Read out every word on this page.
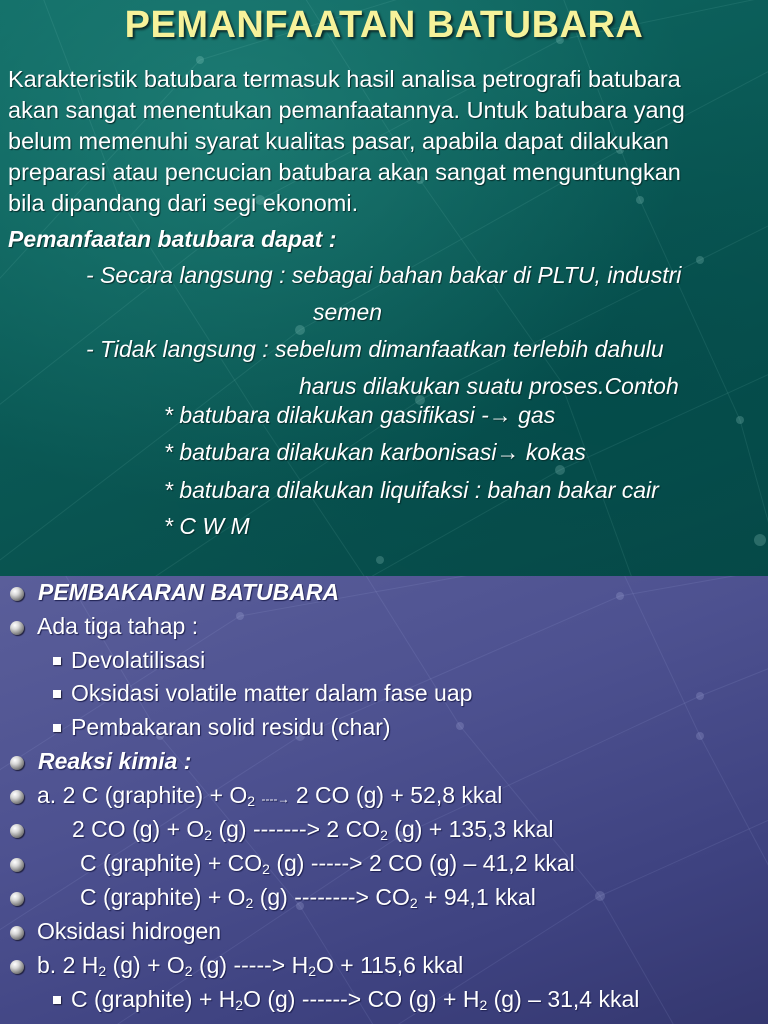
PEMANFAATAN BATUBARA
Karakteristik batubara termasuk hasil analisa petrografi batubara
akan sangat menentukan pemanfaatannya. Untuk batubara yang
belum memenuhi syarat kualitas pasar, apabila dapat dilakukan
preparasi atau pencucian batubara akan sangat menguntungkan
bila dipandang dari segi ekonomi.
Pemanfaatan batubara dapat :
- Secara langsung : sebagai bahan bakar di PLTU, industri
semen
- Tidak langsung : sebelum dimanfaatkan terlebih dahulu
harus dilakukan suatu proses.Contoh
* batubara dilakukan gasifikasi -→ gas
* batubara dilakukan karbonisasi→ kokas
* batubara dilakukan liquifaksi : bahan bakar cair
* C W M
PEMBAKARAN BATUBARA
Ada tiga tahap :
Devolatilisasi
Oksidasi volatile matter dalam fase uap
Pembakaran solid residu (char)
Reaksi kimia :
a. 2 C (graphite) + $O_2$ ----→ 2 CO (g) + 52,8 kkal
2 CO $(g) + O_2$ (g) -------> 2 $CO_2$ (g) + 135,3 kkal
C (graphite) + $CO_2$ (g) -----> 2 CO (g) – 41,2 kkal
C (graphite) + $O_2$ (g) --------> $CO_2 + 94,1$ kkal
Oksidasi hidrogen
b. 2 $H_2$ $(g) + O_2$ (g) -----> $H_2O + 115,6$ kkal
C (graphite) + $H_2O$ (g) ------> CO $(g) + H_2$ (g) – 31,4 kkal
